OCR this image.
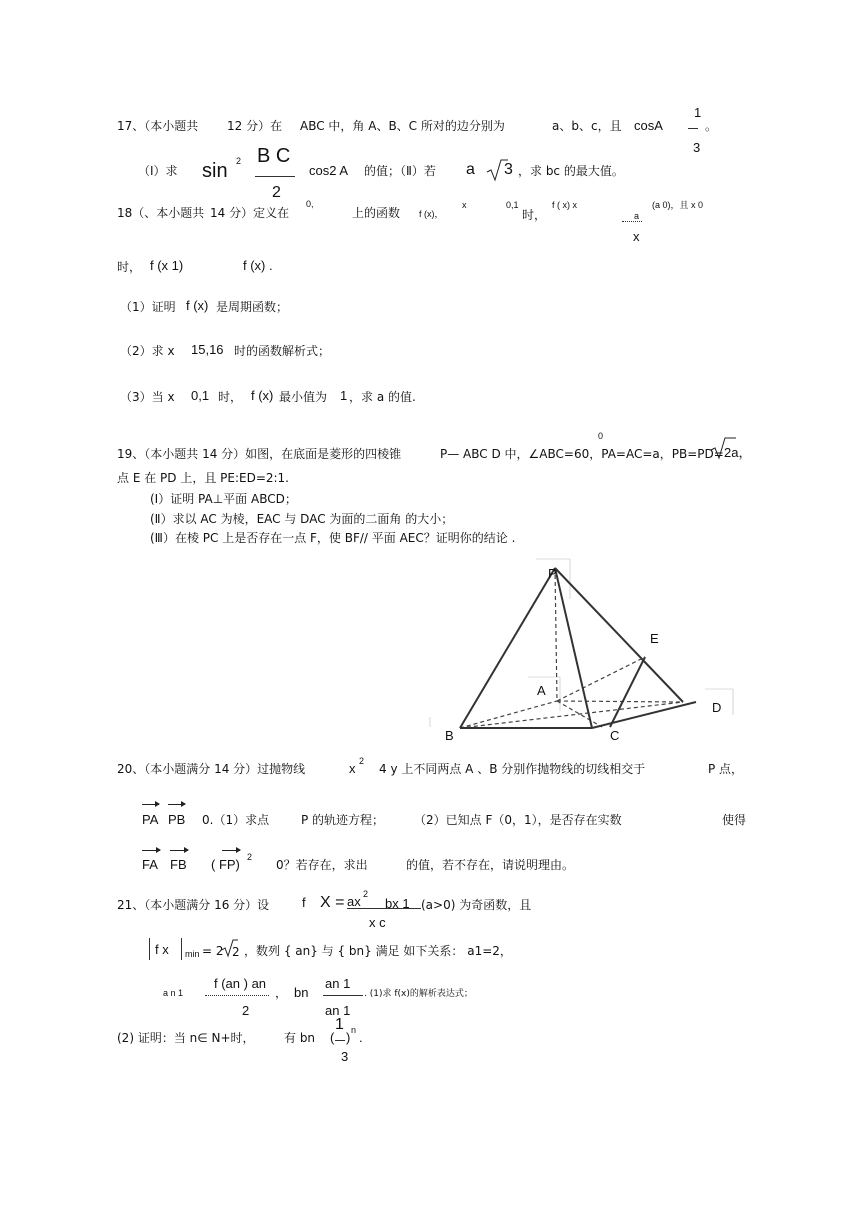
17、（本小题共 12 分）在 ABC 中，角 A、B、C 所对的边分别为	a、b、c，且 cosA
1
3
。
（Ⅰ）求 sin 2 B C
2
cos2 A 的值；（Ⅱ）若 a 3 ，求 bc 的最大值。
18（、本小题共 14 分）定义在
0,
上的函数 f (x)，
x	0,1
时，
f ( x) x
a
x
(a 0)，且 x 0
时， f (x 1)	f (x) .
（1）证明 f (x) 是周期函数；
（2）求 x 15,16 时的函数解析式；
（3）当 x 0,1 时， f (x) 最小值为 1 ，求 a 的值.
0
19、（本小题共 14 分）如图，在底面是菱形的四棱锥	P— ABC D 中，∠ABC=60，PA=AC=a，PB=PD= 2a，
点 E 在 PD 上，且 PE:ED=2:1.
(Ⅰ）证明 PA⊥平面 ABCD；
(Ⅱ）求以 AC 为棱，EAC 与 DAC 为面的二面角 的大小；
(Ⅲ）在棱 PC 上是否存在一点 F，使 BF// 平面 AEC？证明你的结论 .
P
A
B	C
D
E
20、（本小题满分 14 分）过抛物线	x 2
4 y 上不同两点 A 、B 分别作抛物线的切线相交于	P 点，
PA PB 0.（1）求点	P 的轨迹方程； （2）已知点 F（0，1），是否存在实数	使得
FA FB ( FP) 2
0？若存在，求出	的值，若不存在，请说明理由。
21、（本小题满分 16 分）设	f X = ax 2
bx 1
x c
(a>0) 为奇函数，且
f x min = 2 2 ，数列 { an} 与 { bn} 满足 如下关系： a1=2，
a n 1
f (an ) an
2
， bn
an 1
an 1
. (1)求 f(x)的解析表达式；
(2) 证明：当 n∈ N+时， 有 bn (
1
3
) n .
